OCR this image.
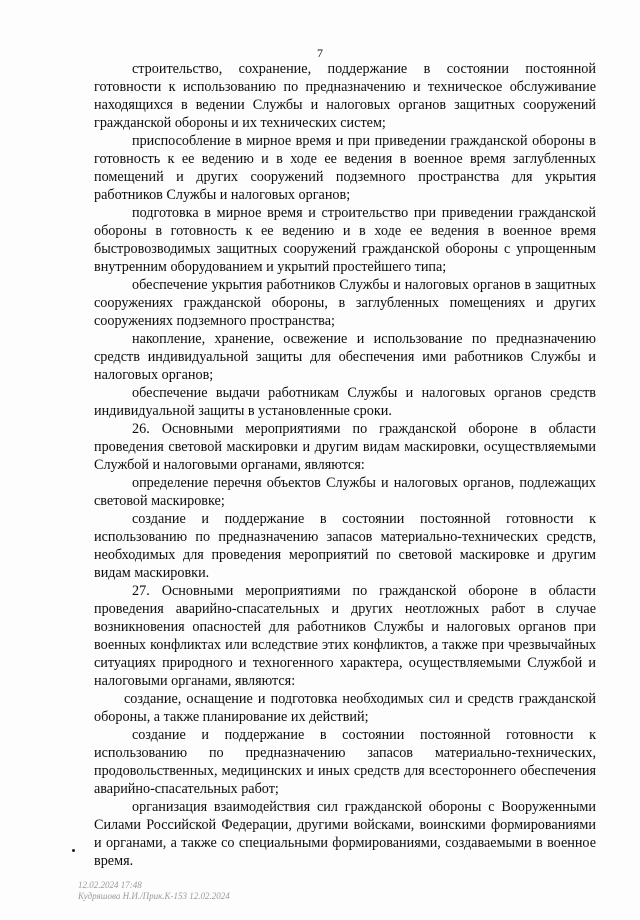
7

строительство, сохранение, поддержание в состоянии постоянной готовности к использованию по предназначению и техническое обслуживание находящихся в ведении Службы и налоговых органов защитных сооружений гражданской обороны и их технических систем;

приспособление в мирное время и при приведении гражданской обороны в готовность к ее ведению и в ходе ее ведения в военное время заглубленных помещений и других сооружений подземного пространства для укрытия работников Службы и налоговых органов;

подготовка в мирное время и строительство при приведении гражданской обороны в готовность к ее ведению и в ходе ее ведения в военное время быстровозводимых защитных сооружений гражданской обороны с упрощенным внутренним оборудованием и укрытий простейшего типа;

обеспечение укрытия работников Службы и налоговых органов в защитных сооружениях гражданской обороны, в заглубленных помещениях и других сооружениях подземного пространства;

накопление, хранение, освежение и использование по предназначению средств индивидуальной защиты для обеспечения ими работников Службы и налоговых органов;

обеспечение выдачи работникам Службы и налоговых органов средств индивидуальной защиты в установленные сроки.

26. Основными мероприятиями по гражданской обороне в области проведения световой маскировки и другим видам маскировки, осуществляемыми Службой и налоговыми органами, являются:

определение перечня объектов Службы и налоговых органов, подлежащих световой маскировке;

создание и поддержание в состоянии постоянной готовности к использованию по предназначению запасов материально-технических средств, необходимых для проведения мероприятий по световой маскировке и другим видам маскировки.

27. Основными мероприятиями по гражданской обороне в области проведения аварийно-спасательных и других неотложных работ в случае возникновения опасностей для работников Службы и налоговых органов при военных конфликтах или вследствие этих конфликтов, а также при чрезвычайных ситуациях природного и техногенного характера, осуществляемыми Службой и налоговыми органами, являются:

создание, оснащение и подготовка необходимых сил и средств гражданской обороны, а также планирование их действий;

создание и поддержание в состоянии постоянной готовности к использованию по предназначению запасов материально-технических, продовольственных, медицинских и иных средств для всестороннего обеспечения аварийно-спасательных работ;

организация взаимодействия сил гражданской обороны с Вооруженными Силами Российской Федерации, другими войсками, воинскими формированиями и органами, а также со специальными формированиями, создаваемыми в военное время.

12.02.2024 17:48
Кудряшова Н.И./Прик.К-153 12.02.2024
